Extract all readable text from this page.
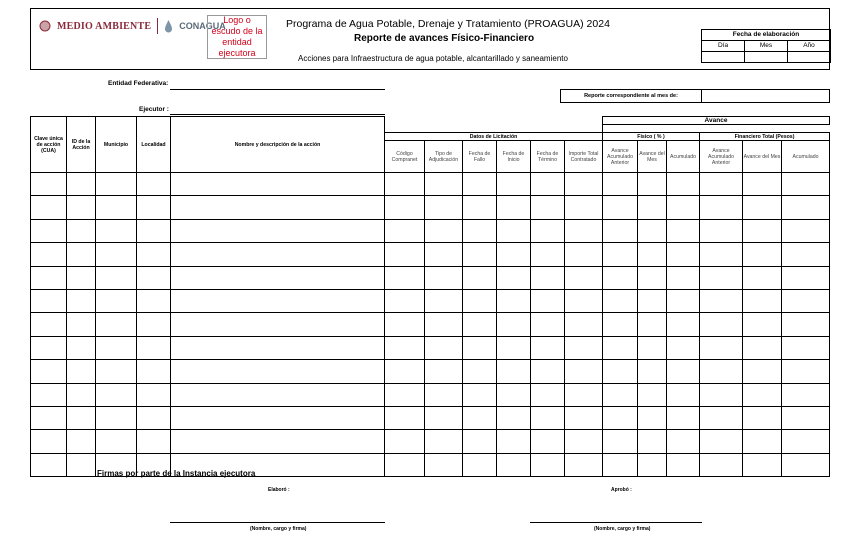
MEDIO AMBIENTE	CONAGUA
Logo o escudo de la entidad ejecutora
Programa de Agua Potable, Drenaje y Tratamiento (PROAGUA) 2024
Reporte de avances Físico-Financiero
Acciones para Infraestructura de agua potable, alcantarillado y saneamiento
Fecha de elaboración
Día	Mes	Año
Entidad Federativa:
Ejecutor :
Reporte correspondiente al mes de:
Clave única de acción (CUA)	ID de la Acción	Municipio	Localidad	Nombre y descripción de la acción							Avance					

					Datos de Licitación						Físico ( % )			Financiero Total (Pesos)		
					Código Compranet	Tipo de Adjudicación	Fecha de Fallo	Fecha de Inicio	Fecha de Término	Importe Total Contratado	Avance Acumulado Anterior	Avance del Mes	Acumulado	Avance Acumulado Anterior	Avance del Mes	Acumulado

Firmas por parte de la Instancia ejecutora
Elaboró :	Aprobó :
(Nombre, cargo y firma)	(Nombre, cargo y firma)
